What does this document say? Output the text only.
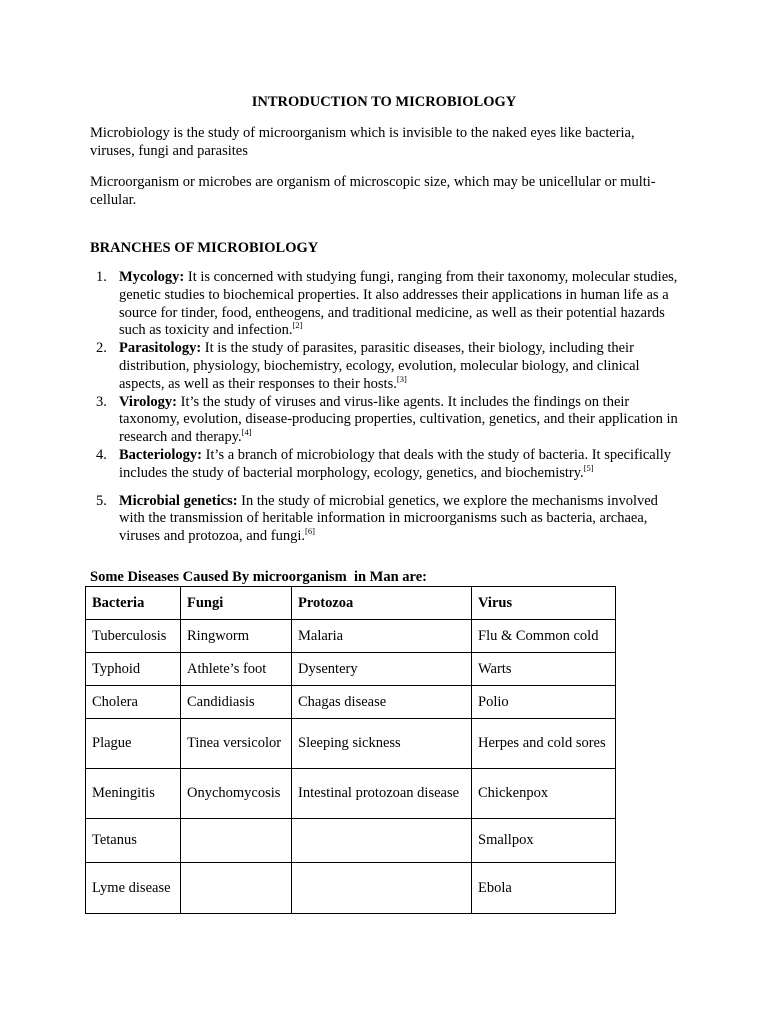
INTRODUCTION TO MICROBIOLOGY

Microbiology is the study of microorganism which is invisible to the naked eyes like bacteria, viruses, fungi and parasites

Microorganism or microbes are organism of microscopic size, which may be unicellular or multi-cellular.

BRANCHES OF MICROBIOLOGY
1. Mycology: It is concerned with studying fungi, ranging from their taxonomy, molecular studies, genetic studies to biochemical properties. It also addresses their applications in human life as a source for tinder, food, entheogens, and traditional medicine, as well as their potential hazards such as toxicity and infection.[2]
2. Parasitology: It is the study of parasites, parasitic diseases, their biology, including their distribution, physiology, biochemistry, ecology, evolution, molecular biology, and clinical aspects, as well as their responses to their hosts.[3]
3. Virology: It’s the study of viruses and virus-like agents. It includes the findings on their taxonomy, evolution, disease-producing properties, cultivation, genetics, and their application in research and therapy.[4]
4. Bacteriology: It’s a branch of microbiology that deals with the study of bacteria. It specifically includes the study of bacterial morphology, ecology, genetics, and biochemistry.[5]
5. Microbial genetics: In the study of microbial genetics, we explore the mechanisms involved with the transmission of heritable information in microorganisms such as bacteria, archaea, viruses and protozoa, and fungi.[6]
Some Diseases Caused By microorganism  in Man are:
Bacteria	Fungi	Protozoa	Virus
Tuberculosis	Ringworm	Malaria	Flu & Common cold
Typhoid	Athlete’s foot	Dysentery	Warts
Cholera	Candidiasis	Chagas disease	Polio
Plague	Tinea versicolor	Sleeping sickness	Herpes and cold sores
Meningitis	Onychomycosis	Intestinal protozoan disease	Chickenpox
Tetanus			Smallpox
Lyme disease			Ebola
